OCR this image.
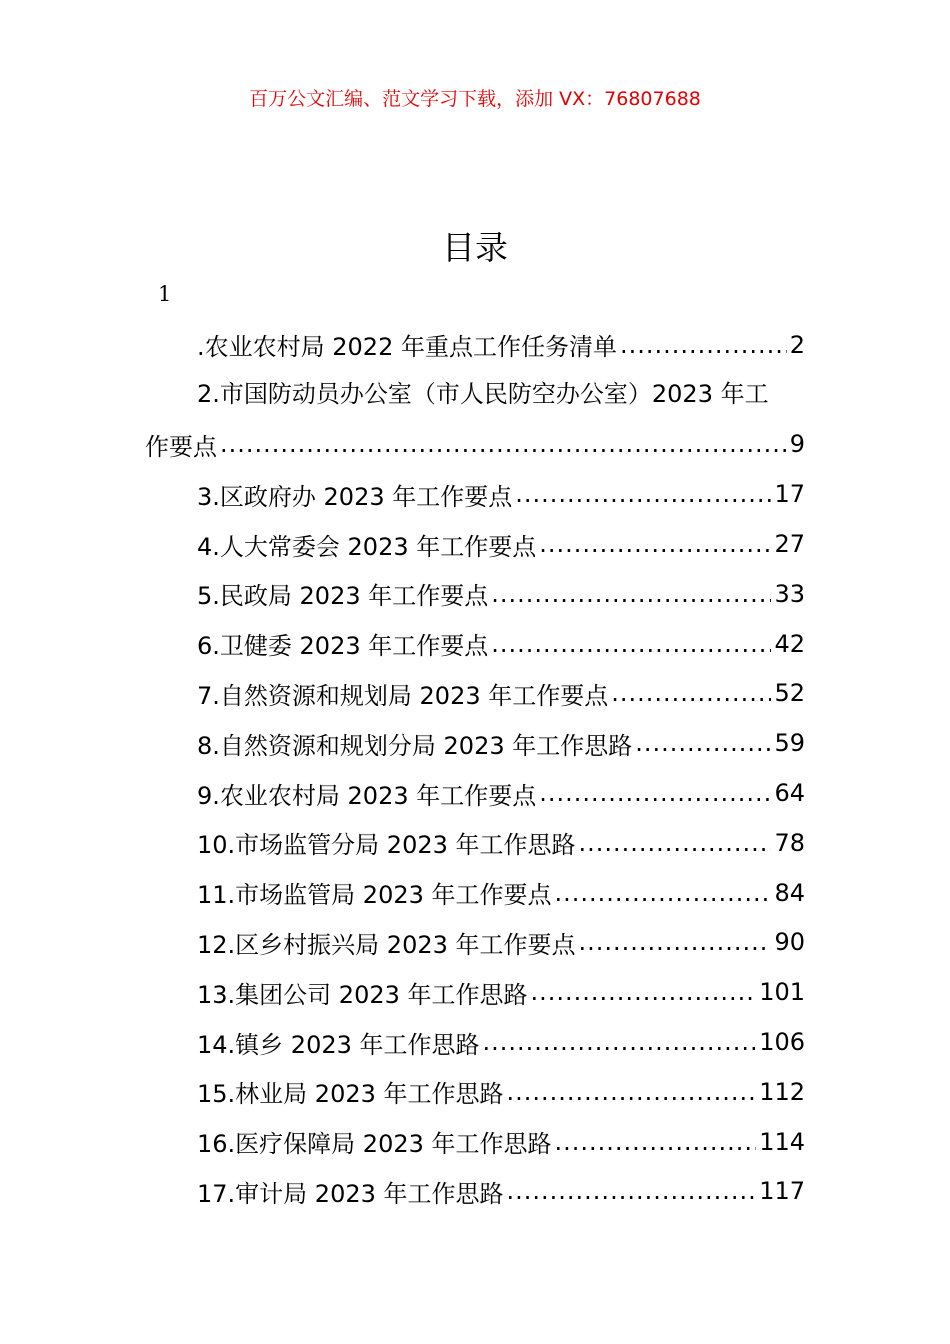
百万公文汇编、范文学习下载，添加 VX：76807688
目录
1
.农业农村局 2022 年重点工作任务清单 .....	2
2.市国防动员办公室（市人民防空办公室）2023 年工
作要点 .....	9
3.区政府办 2023 年工作要点 .....	17
4.人大常委会 2023 年工作要点 .....	27
5.民政局 2023 年工作要点 .....	33
6.卫健委 2023 年工作要点 .....	42
7.自然资源和规划局 2023 年工作要点 .....	52
8.自然资源和规划分局 2023 年工作思路 .....	59
9.农业农村局 2023 年工作要点 .....	64
10.市场监管分局 2023 年工作思路 .....	78
11.市场监管局 2023 年工作要点 .....	84
12.区乡村振兴局 2023 年工作要点 .....	90
13.集团公司 2023 年工作思路 .....	101
14.镇乡 2023 年工作思路 .....	106
15.林业局 2023 年工作思路 .....	112
16.医疗保障局 2023 年工作思路 .....	114
17.审计局 2023 年工作思路 .....	117
